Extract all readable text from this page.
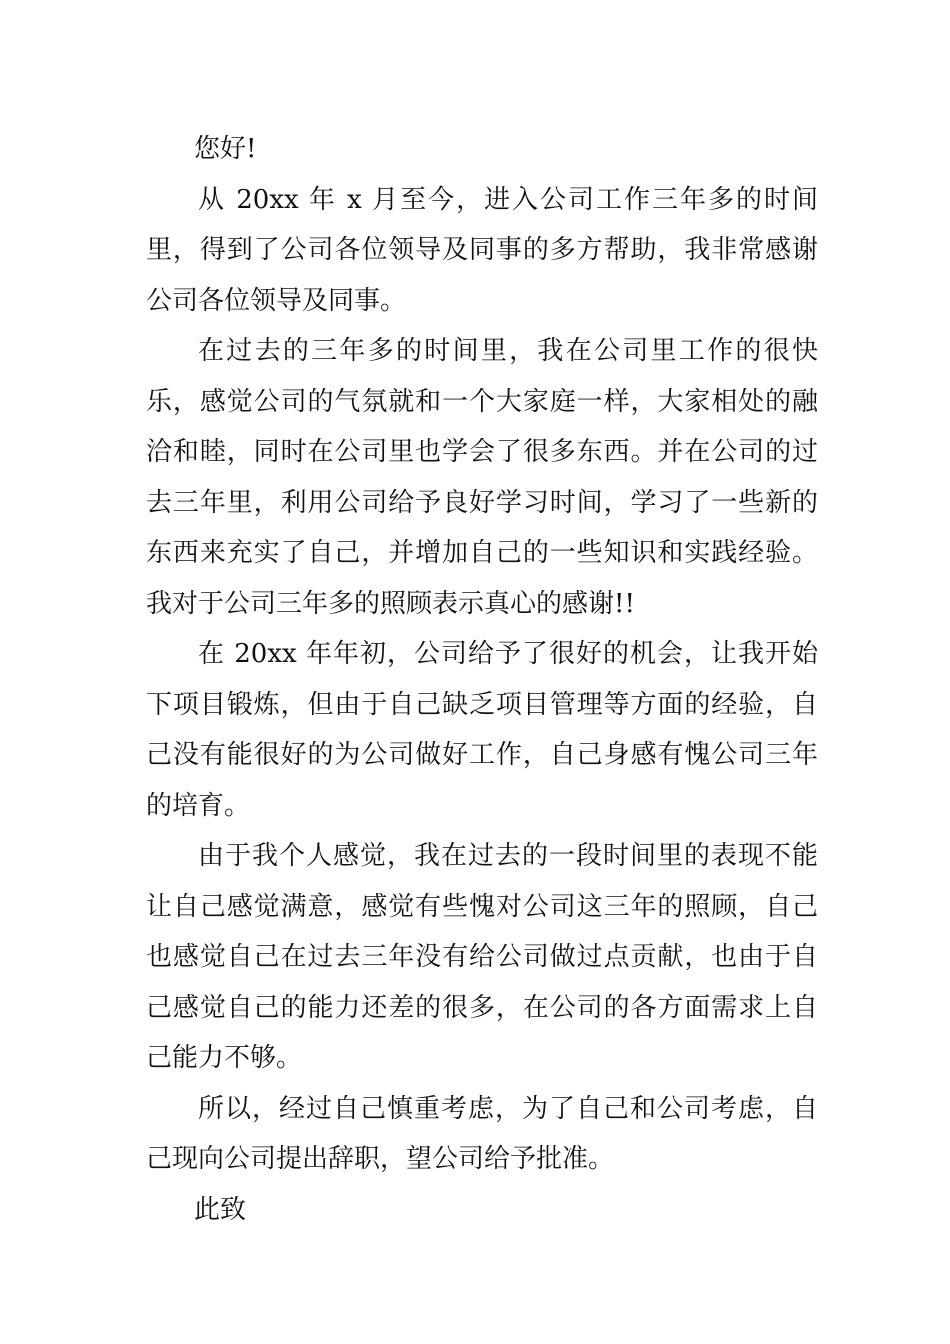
您好!

从 20xx 年 x 月至今，进入公司工作三年多的时间里，得到了公司各位领导及同事的多方帮助，我非常感谢公司各位领导及同事。

在过去的三年多的时间里，我在公司里工作的很快乐，感觉公司的气氛就和一个大家庭一样，大家相处的融洽和睦，同时在公司里也学会了很多东西。并在公司的过去三年里，利用公司给予良好学习时间，学习了一些新的东西来充实了自己，并增加自己的一些知识和实践经验。我对于公司三年多的照顾表示真心的感谢!!

在 20xx 年年初，公司给予了很好的机会，让我开始下项目锻炼，但由于自己缺乏项目管理等方面的经验，自己没有能很好的为公司做好工作，自己身感有愧公司三年的培育。

由于我个人感觉，我在过去的一段时间里的表现不能让自己感觉满意，感觉有些愧对公司这三年的照顾，自己也感觉自己在过去三年没有给公司做过点贡献，也由于自己感觉自己的能力还差的很多，在公司的各方面需求上自己能力不够。

所以，经过自己慎重考虑，为了自己和公司考虑，自己现向公司提出辞职，望公司给予批准。

此致
